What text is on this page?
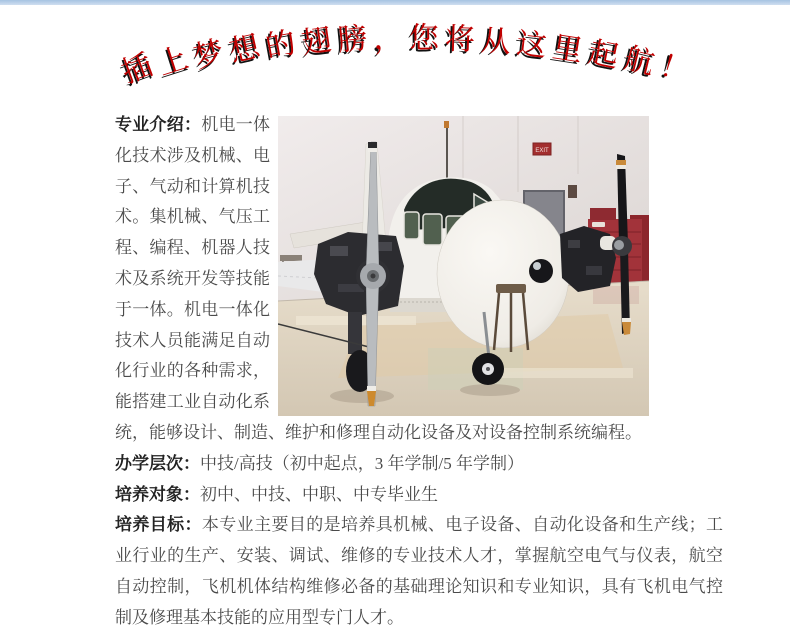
插上梦想的翅膀 ， 您 将 从这里起航！
EXIT

专业介绍：机电一体化技术涉及机械、电子、气动和计算机技术。集机械、气压工程、编程、机器人技术及系统开发等技能于一体。机电一体化技术人员能满足自动化行业的各种需求，能搭建工业自动化系统，能够设计、制造、维护和修理自动化设备及对设备控制系统编程。

办学层次：中技/高技（初中起点，3 年学制/5 年学制）

培养对象：初中、中技、中职、中专毕业生

培养目标：本专业主要目的是培养具机械、电子设备、自动化设备和生产线；工业行业的生产、安装、调试、维修的专业技术人才，掌握航空电气与仪表，航空自动控制，飞机机体结构维修必备的基础理论知识和专业知识，具有飞机电气控制及修理基本技能的应用型专门人才。
